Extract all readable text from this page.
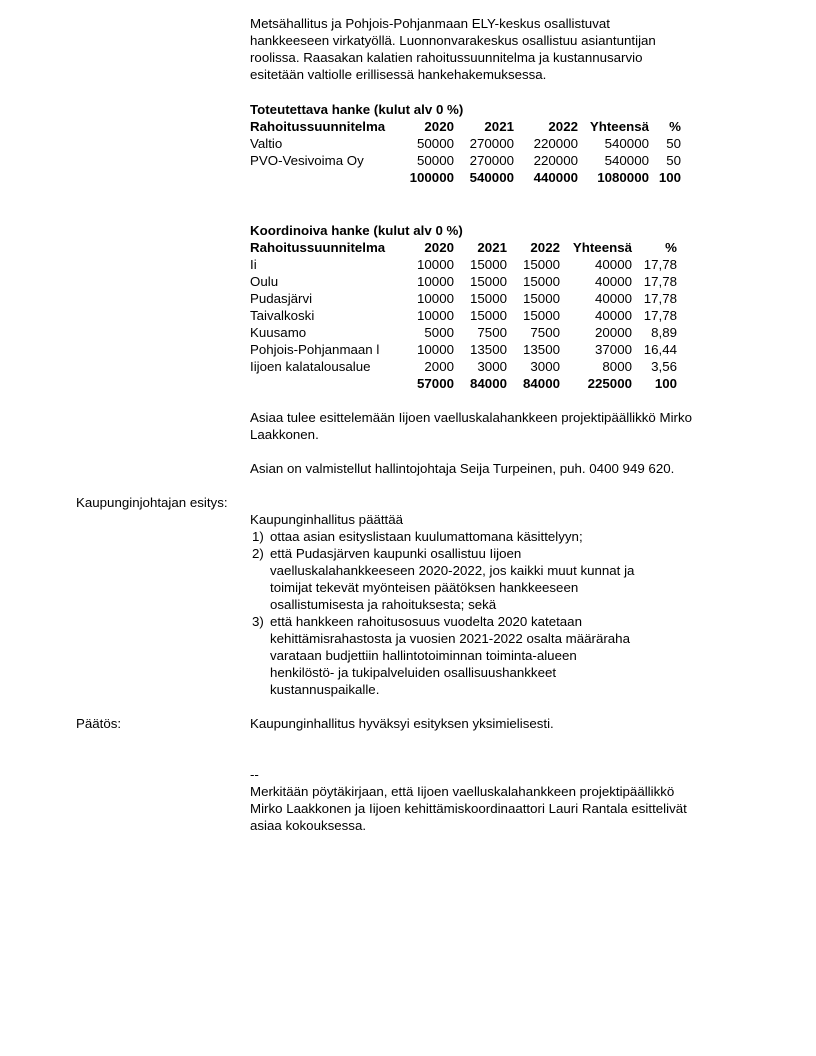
Metsähallitus ja Pohjois-Pohjanmaan ELY-keskus osallistuvat

hankkeeseen virkatyöllä. Luonnonvarakeskus osallistuu asiantuntijan

roolissa. Raasakan kalatien rahoitussuunnitelma ja kustannusarvio

esitetään valtiolle erillisessä hankehakemuksessa.

Toteutettava hanke (kulut alv 0 %)

Rahoitussuunnitelma	2020	2021	2022	Yhteensä	%
Valtio	50000	270000	220000	540000	50
PVO-Vesivoima Oy	50000	270000	220000	540000	50
	100000	540000	440000	1080000	100

Koordinoiva hanke (kulut alv 0 %)

Rahoitussuunnitelma	2020	2021	2022	Yhteensä	%
Ii	10000	15000	15000	40000	17,78
Oulu	10000	15000	15000	40000	17,78
Pudasjärvi	10000	15000	15000	40000	17,78
Taivalkoski	10000	15000	15000	40000	17,78
Kuusamo	5000	7500	7500	20000	8,89
Pohjois-Pohjanmaan l	10000	13500	13500	37000	16,44
Iijoen kalatalousalue	2000	3000	3000	8000	3,56
	57000	84000	84000	225000	100

Asiaa tulee esittelemään Iijoen vaelluskalahankkeen projektipäällikkö Mirko

Laakkonen.

Asian on valmistellut hallintojohtaja Seija Turpeinen, puh. 0400 949 620.

Kaupunginjohtajan esitys:

Kaupunginhallitus päättää

1) ottaa asian esityslistaan kuulumattomana käsittelyyn;
2) että Pudasjärven kaupunki osallistuu Iijoen
vaelluskalahankkeeseen 2020-2022, jos kaikki muut kunnat ja
toimijat tekevät myönteisen päätöksen hankkeeseen
osallistumisesta ja rahoituksesta; sekä
3) että hankkeen rahoitusosuus vuodelta 2020 katetaan
kehittämisrahastosta ja vuosien 2021-2022 osalta määräraha
varataan budjettiin hallintotoiminnan toiminta-alueen
henkilöstö- ja tukipalveluiden osallisuushankkeet
kustannuspaikalle.
Päätös:	Kaupunginhallitus hyväksyi esityksen yksimielisesti.

--

Merkitään pöytäkirjaan, että Iijoen vaelluskalahankkeen projektipäällikkö

Mirko Laakkonen ja Iijoen kehittämiskoordinaattori Lauri Rantala esittelivät

asiaa kokouksessa.
